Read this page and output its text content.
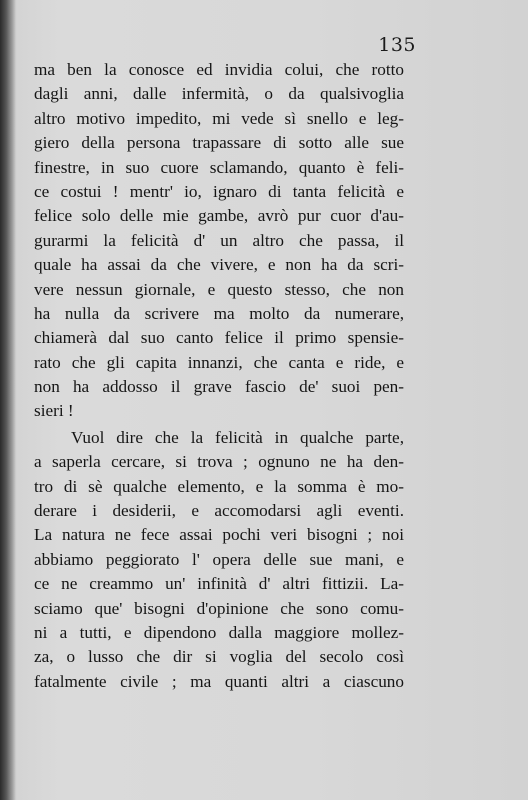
135
ma ben la conosce ed invidia colui, che rotto
dagli anni, dalle infermità, o da qualsivoglia
altro motivo impedito, mi vede sì snello e leg-
giero della persona trapassare di sotto alle sue
finestre, in suo cuore sclamando, quanto è feli-
ce costui ! mentr' io, ignaro di tanta felicità e
felice solo delle mie gambe, avrò pur cuor d'au-
gurarmi la felicità d' un altro che passa, il
quale ha assai da che vivere, e non ha da scri-
vere nessun giornale, e questo stesso, che non
ha nulla da scrivere ma molto da numerare,
chiamerà dal suo canto felice il primo spensie-
rato che gli capita innanzi, che canta e ride, e
non ha addosso il grave fascio de' suoi pen-
sieri !
Vuol dire che la felicità in qualche parte,
a saperla cercare, si trova ; ognuno ne ha den-
tro di sè qualche elemento, e la somma è mo-
derare i desiderii, e accomodarsi agli eventi.
La natura ne fece assai pochi veri bisogni ; noi
abbiamo peggiorato l' opera delle sue mani, e
ce ne creammo un' infinità d' altri fittizii. La-
sciamo que' bisogni d'opinione che sono comu-
ni a tutti, e dipendono dalla maggiore mollez-
za, o lusso che dir si voglia del secolo così
fatalmente civile ; ma quanti altri a ciascuno
